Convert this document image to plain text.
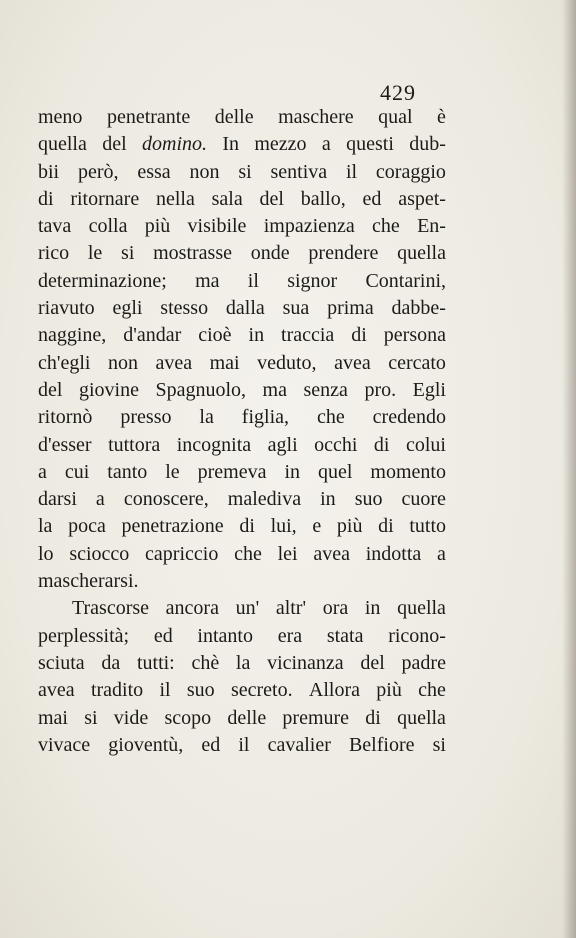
429
meno penetrante delle maschere qual è
quella del domino. In mezzo a questi dub-
bii però, essa non si sentiva il coraggio
di ritornare nella sala del ballo, ed aspet-
tava colla più visibile impazienza che En-
rico le si mostrasse onde prendere quella
determinazione; ma il signor Contarini,
riavuto egli stesso dalla sua prima dabbe-
naggine, d'andar cioè in traccia di persona
ch'egli non avea mai veduto, avea cercato
del giovine Spagnuolo, ma senza pro. Egli
ritornò presso la figlia, che credendo
d'esser tuttora incognita agli occhi di colui
a cui tanto le premeva in quel momento
darsi a conoscere, malediva in suo cuore
la poca penetrazione di lui, e più di tutto
lo sciocco capriccio che lei avea indotta a
mascherarsi.
Trascorse ancora un' altr' ora in quella
perplessità; ed intanto era stata ricono-
sciuta da tutti: chè la vicinanza del padre
avea tradito il suo secreto. Allora più che
mai si vide scopo delle premure di quella
vivace gioventù, ed il cavalier Belfiore si
